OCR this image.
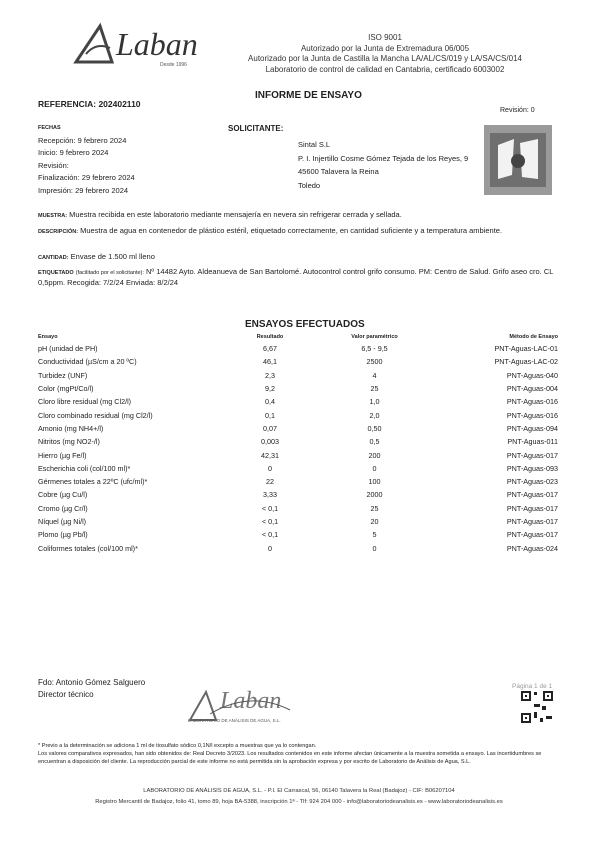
Laban
Desde 1996
ISO 9001
Autorizado por la Junta de Extremadura 06/005
Autorizado por la Junta de Castilla la Mancha LA/AL/CS/019 y LA/SA/CS/014
Laboratorio de control de calidad en Cantabria, certificado 6003002
INFORME DE ENSAYO
REFERENCIA: 202402110
Revisión: 0
FECHAS
Recepción: 9 febrero 2024
Inicio: 9 febrero 2024
Revisión:
Finalización: 29 febrero 2024
Impresión: 29 febrero 2024
SOLICITANTE:
Sintal S.L
P. I. Injertillo Cosme Gómez Tejada de los Reyes, 9
45600 Talavera la Reina
Toledo
MUESTRA: Muestra recibida en este laboratorio mediante mensajería en nevera sin refrigerar cerrada y sellada.
DESCRIPCIÓN: Muestra de agua en contenedor de plástico estéril, etiquetado correctamente, en cantidad suficiente y a temperatura ambiente.
CANTIDAD: Envase de 1.500 ml lleno
ETIQUETADO (facilitado por el solicitante): Nº 14482 Ayto. Aldeanueva de San Bartolomé. Autocontrol control grifo consumo. PM: Centro de Salud. Grifo aseo cro. CL 0,5ppm. Recogida: 7/2/24 Enviada: 8/2/24
ENSAYOS EFECTUADOS
Ensayo	Resultado	Valor paramétrico	Método de Ensayo
pH (unidad de PH)	6,67	6,5 - 9,5	PNT-Aguas-LAC-01
Conductividad (µS/cm a 20 ºC)	46,1	2500	PNT-Aguas-LAC-02
Turbidez (UNF)	2,3	4	PNT-Aguas-040
Color (mgPt/Co/l)	9,2	25	PNT-Aguas-004
Cloro libre residual (mg Cl2/l)	0,4	1,0	PNT-Aguas-016
Cloro combinado residual (mg Cl2/l)	0,1	2,0	PNT-Aguas-016
Amonio (mg NH4+/l)	0,07	0,50	PNT-Aguas-094
Nitritos (mg NO2-/l)	0,003	0,5	PNT-Aguas-011
Hierro (µg Fe/l)	42,31	200	PNT-Aguas-017
Escherichia coli (col/100 ml)*	0	0	PNT-Aguas-093
Gérmenes totales a 22ºC (ufc/ml)*	22	100	PNT-Aguas-023
Cobre (µg Cu/l)	3,33	2000	PNT-Aguas-017
Cromo (µg Cr/l)	< 0,1	25	PNT-Aguas-017
Níquel (µg Ni/l)	< 0,1	20	PNT-Aguas-017
Plomo (µg Pb/l)	< 0,1	5	PNT-Aguas-017
Coliformes totales (col/100 ml)*	0	0	PNT-Aguas-024
Fdo: Antonio Gómez Salguero
Director técnico	Laban
LABORATORIO DE ANÁLISIS DE AGUA, S.L.
Página 1 de 1
* Previo a la determinación se adiciona 1 ml de tiosulfato sódico 0,1N/l excepto a muestras que ya lo contengan.
Los valores comparativos expresados, han sido obtenidos de: Real Decreto 3/2023. Los resultados contenidos en este informe afectan únicamente a la muestra sometida a ensayo. Las incertidumbres se encuentran a disposición del cliente. La reproducción parcial de este informe no está permitida sin la aprobación expresa y por escrito de Laboratorio de Análisis de Agua, S.L.
LABORATORIO DE ANÁLISIS DE AGUA, S.L. - P.I. El Carrascal, 56, 06140 Talavera la Real (Badajoz) - CIF: B06207104
Registro Mercantil de Badajoz, folio 41, tomo 89, hoja BA-5388, inscripción 1ª - Tlf: 924 204 000 - info@laboratoriodeanalisis.es - www.laboratoriodeanalisis.es
